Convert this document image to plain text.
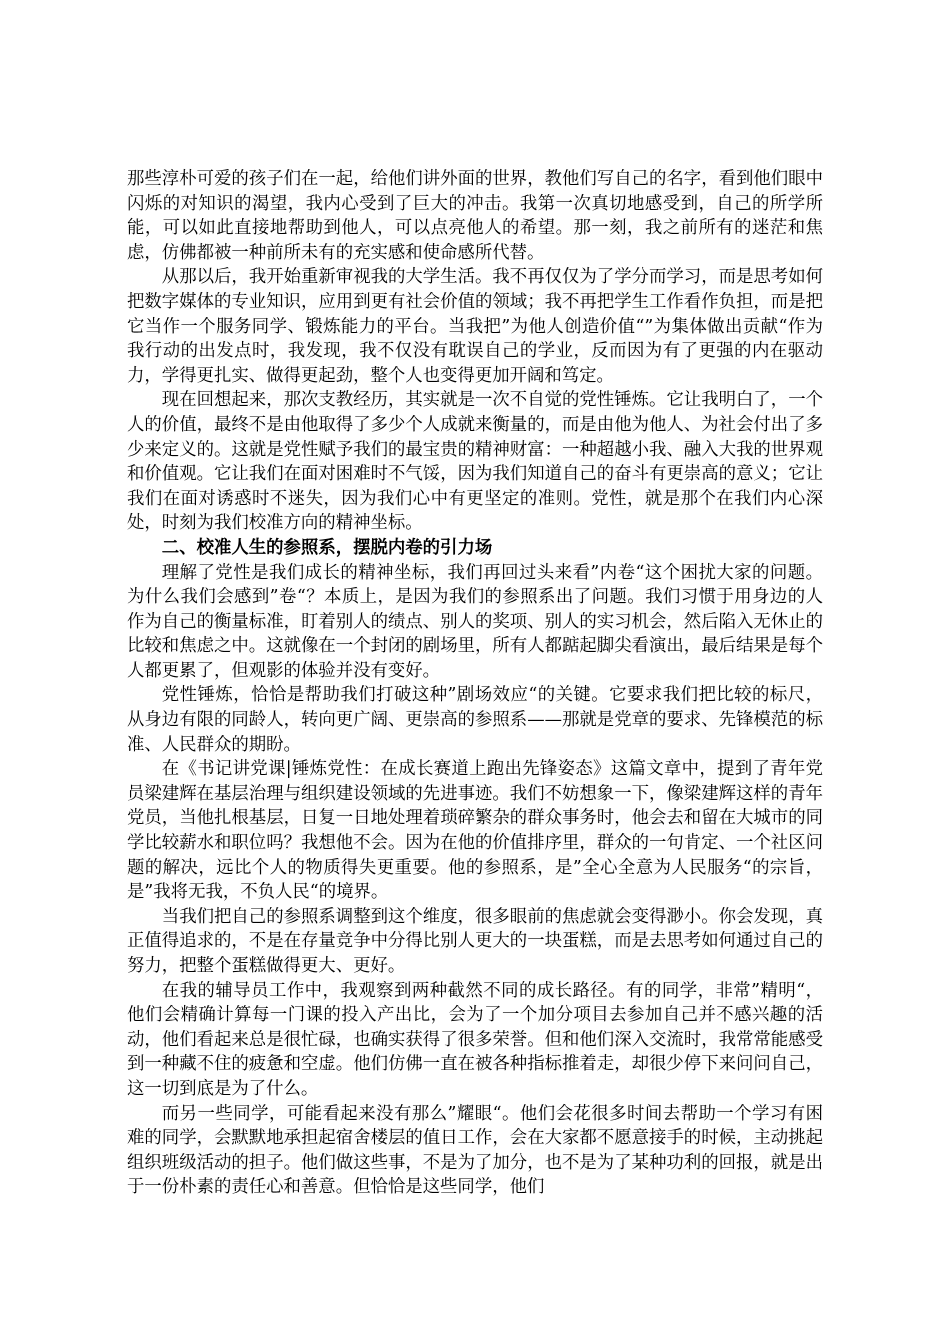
那些淳朴可爱的孩子们在一起，给他们讲外面的世界，教他们写自己的名字，看到他们眼中闪烁的对知识的渴望，我内心受到了巨大的冲击。我第一次真切地感受到，自己的所学所能，可以如此直接地帮助到他人，可以点亮他人的希望。那一刻，我之前所有的迷茫和焦虑，仿佛都被一种前所未有的充实感和使命感所代替。

从那以后，我开始重新审视我的大学生活。我不再仅仅为了学分而学习，而是思考如何把数字媒体的专业知识，应用到更有社会价值的领域；我不再把学生工作看作负担，而是把它当作一个服务同学、锻炼能力的平台。当我把”为他人创造价值“”为集体做出贡献“作为我行动的出发点时，我发现，我不仅没有耽误自己的学业，反而因为有了更强的内在驱动力，学得更扎实、做得更起劲，整个人也变得更加开阔和笃定。

现在回想起来，那次支教经历，其实就是一次不自觉的党性锤炼。它让我明白了，一个人的价值，最终不是由他取得了多少个人成就来衡量的，而是由他为他人、为社会付出了多少来定义的。这就是党性赋予我们的最宝贵的精神财富：一种超越小我、融入大我的世界观和价值观。它让我们在面对困难时不气馁，因为我们知道自己的奋斗有更崇高的意义；它让我们在面对诱惑时不迷失，因为我们心中有更坚定的准则。党性，就是那个在我们内心深处，时刻为我们校准方向的精神坐标。

二、校准人生的参照系，摆脱内卷的引力场

理解了党性是我们成长的精神坐标，我们再回过头来看”内卷“这个困扰大家的问题。为什么我们会感到”卷“？本质上，是因为我们的参照系出了问题。我们习惯于用身边的人作为自己的衡量标准，盯着别人的绩点、别人的奖项、别人的实习机会，然后陷入无休止的比较和焦虑之中。这就像在一个封闭的剧场里，所有人都踮起脚尖看演出，最后结果是每个人都更累了，但观影的体验并没有变好。

党性锤炼，恰恰是帮助我们打破这种”剧场效应“的关键。它要求我们把比较的标尺，从身边有限的同龄人，转向更广阔、更崇高的参照系——那就是党章的要求、先锋模范的标准、人民群众的期盼。

在《书记讲党课|锤炼党性：在成长赛道上跑出先锋姿态》这篇文章中，提到了青年党员梁建辉在基层治理与组织建设领域的先进事迹。我们不妨想象一下，像梁建辉这样的青年党员，当他扎根基层，日复一日地处理着琐碎繁杂的群众事务时，他会去和留在大城市的同学比较薪水和职位吗？我想他不会。因为在他的价值排序里，群众的一句肯定、一个社区问题的解决，远比个人的物质得失更重要。他的参照系，是”全心全意为人民服务“的宗旨，是”我将无我，不负人民“的境界。

当我们把自己的参照系调整到这个维度，很多眼前的焦虑就会变得渺小。你会发现，真正值得追求的，不是在存量竞争中分得比别人更大的一块蛋糕，而是去思考如何通过自己的努力，把整个蛋糕做得更大、更好。

在我的辅导员工作中，我观察到两种截然不同的成长路径。有的同学，非常”精明“，他们会精确计算每一门课的投入产出比，会为了一个加分项目去参加自己并不感兴趣的活动，他们看起来总是很忙碌，也确实获得了很多荣誉。但和他们深入交流时，我常常能感受到一种藏不住的疲惫和空虚。他们仿佛一直在被各种指标推着走，却很少停下来问问自己，这一切到底是为了什么。

而另一些同学，可能看起来没有那么”耀眼“。他们会花很多时间去帮助一个学习有困难的同学，会默默地承担起宿舍楼层的值日工作，会在大家都不愿意接手的时候，主动挑起组织班级活动的担子。他们做这些事，不是为了加分，也不是为了某种功利的回报，就是出于一份朴素的责任心和善意。但恰恰是这些同学，他们
